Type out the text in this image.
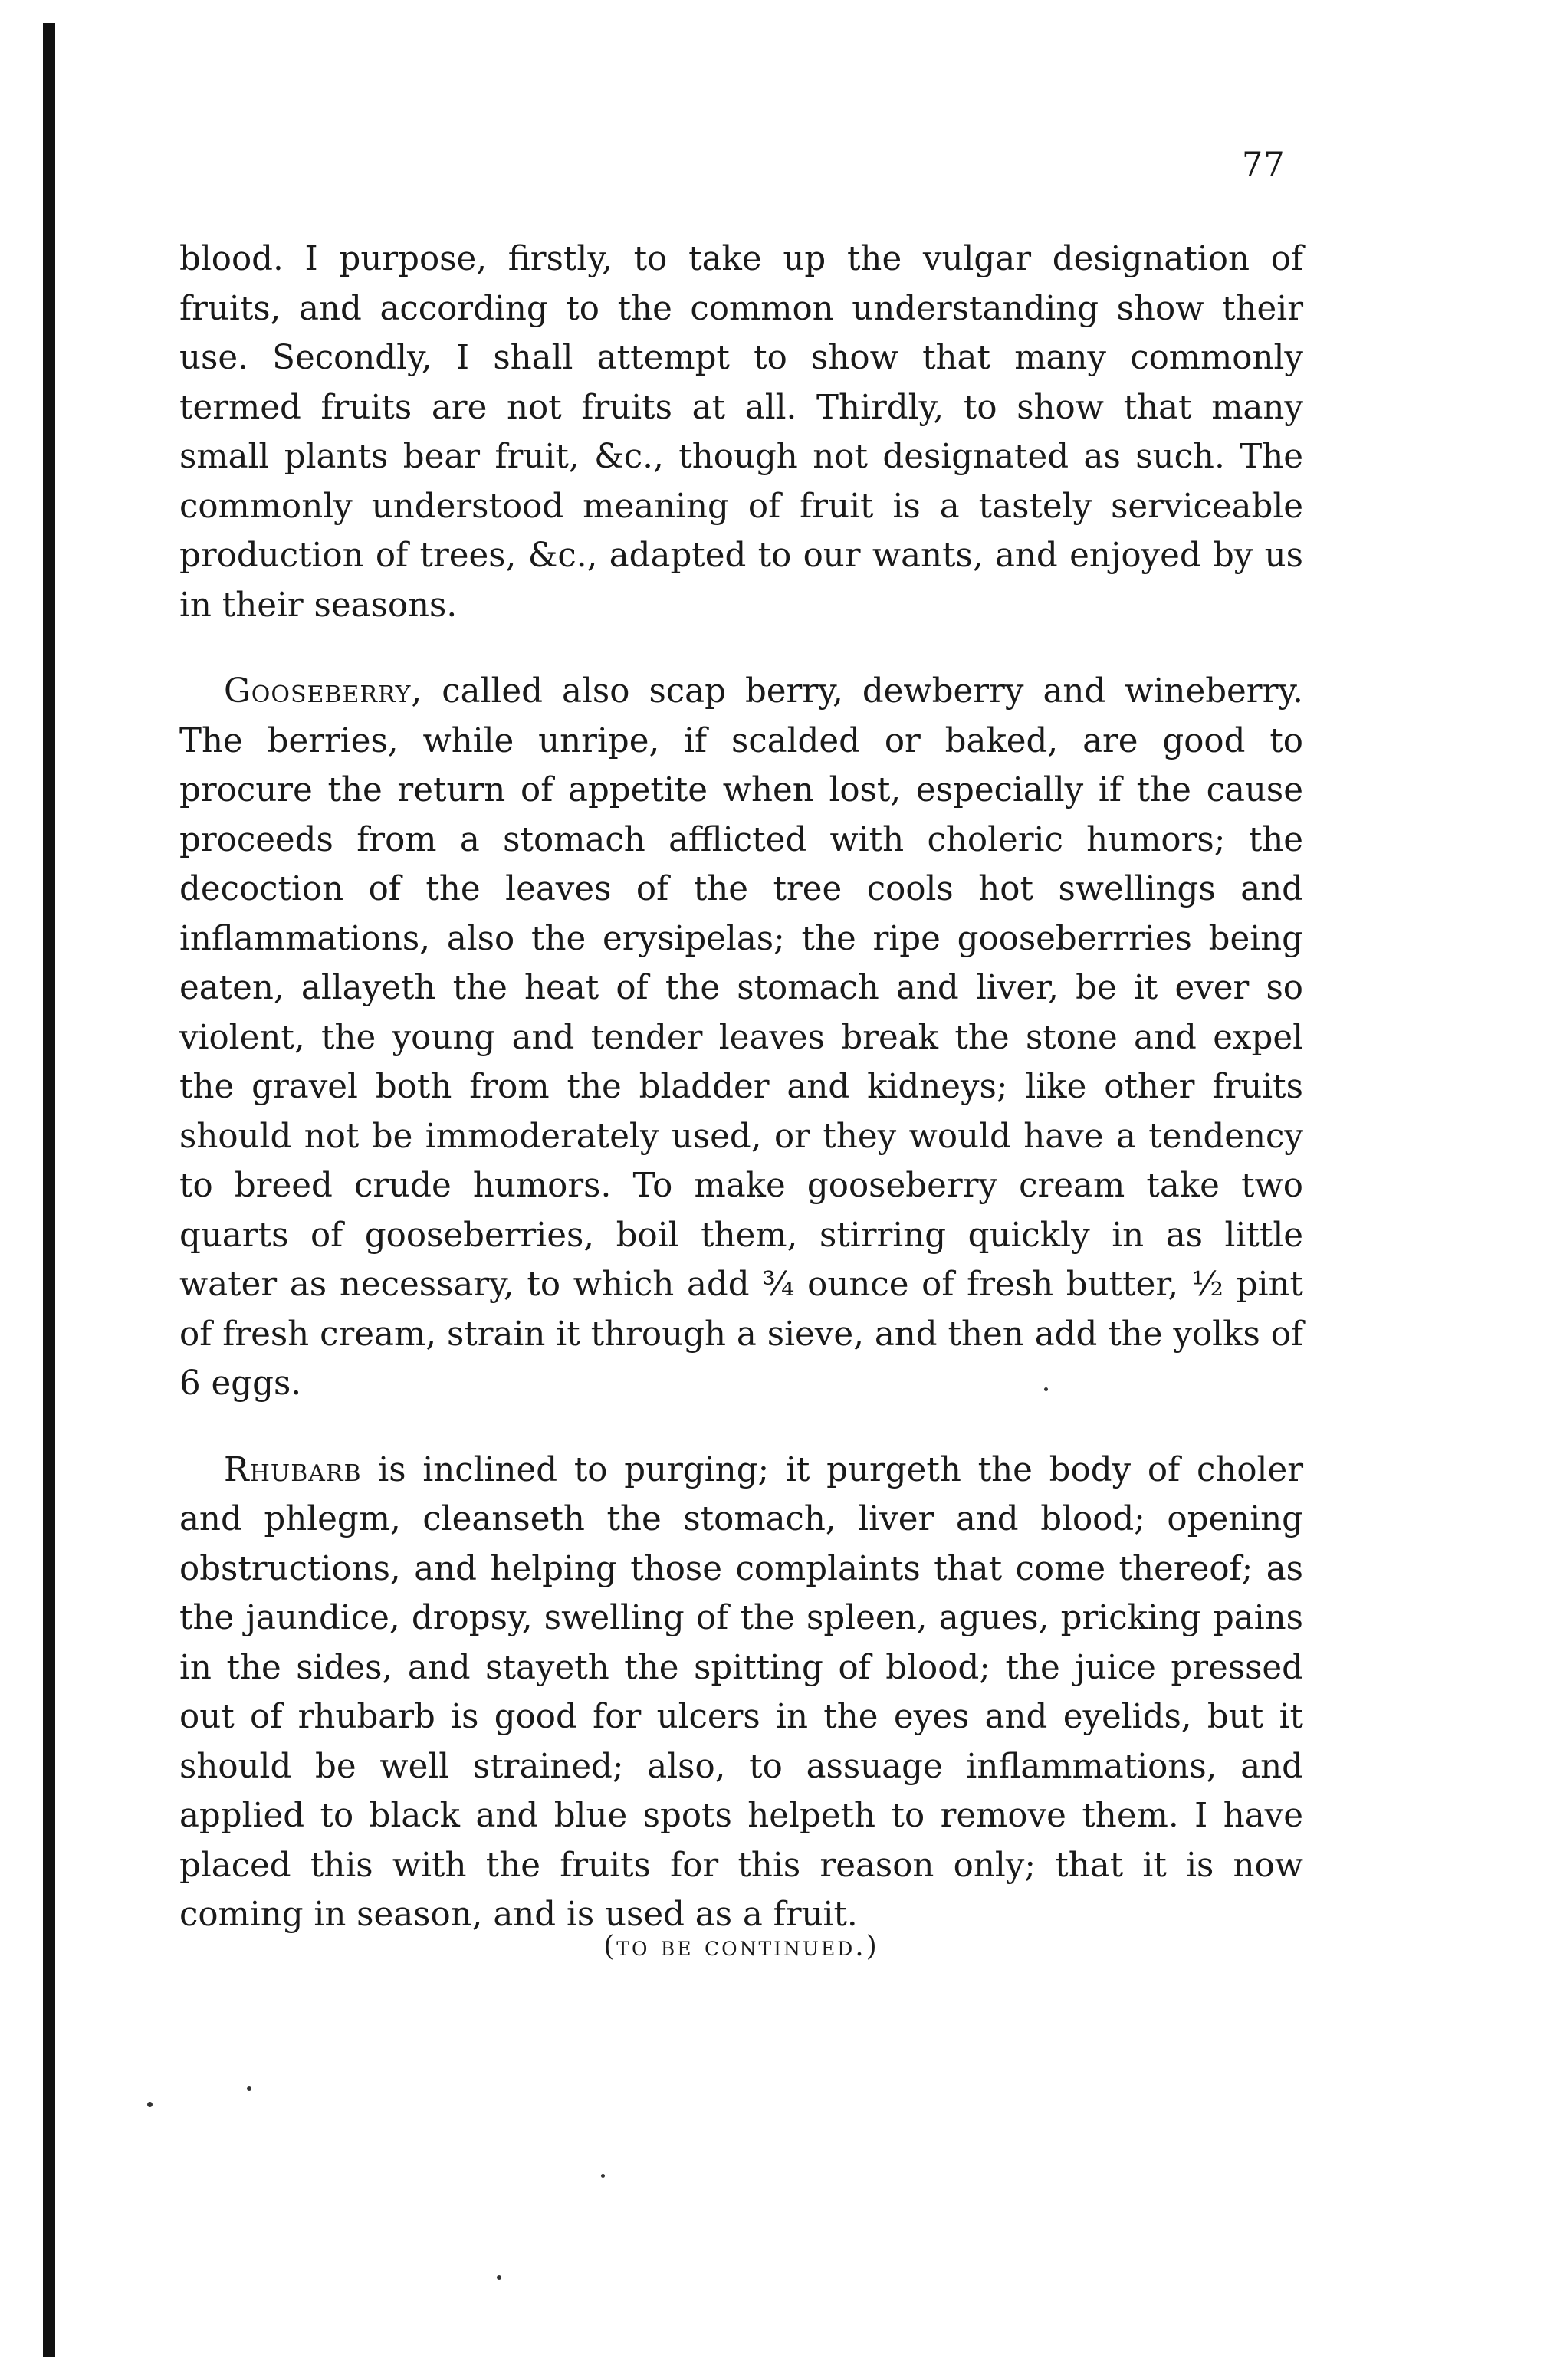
77

blood. I purpose, firstly, to take up the vulgar designation of fruits, and according to the common understanding show their use. Secondly, I shall attempt to show that many commonly termed fruits are not fruits at all. Thirdly, to show that many small plants bear fruit, &c., though not designated as such. The commonly understood meaning of fruit is a tastely serviceable production of trees, &c., adapted to our wants, and enjoyed by us in their seasons.

Gooseberry, called also scap berry, dewberry and wineberry. The berries, while unripe, if scalded or baked, are good to procure the return of appetite when lost, especially if the cause proceeds from a stomach afflicted with choleric humors; the decoction of the leaves of the tree cools hot swellings and inflammations, also the erysipelas; the ripe gooseberrries being eaten, allayeth the heat of the stomach and liver, be it ever so violent, the young and tender leaves break the stone and expel the gravel both from the bladder and kidneys; like other fruits should not be immoderately used, or they would have a tendency to breed crude humors. To make gooseberry cream take two quarts of gooseberries, boil them, stirring quickly in as little water as necessary, to which add ¾ ounce of fresh butter, ½ pint of fresh cream, strain it through a sieve, and then add the yolks of 6 eggs.

Rhubarb is inclined to purging; it purgeth the body of choler and phlegm, cleanseth the stomach, liver and blood; opening obstructions, and helping those complaints that come thereof; as the jaundice, dropsy, swelling of the spleen, agues, pricking pains in the sides, and stayeth the spitting of blood; the juice pressed out of rhubarb is good for ulcers in the eyes and eyelids, but it should be well strained; also, to assuage inflammations, and applied to black and blue spots helpeth to remove them. I have placed this with the fruits for this reason only; that it is now coming in season, and is used as a fruit.

(to be continued.)
